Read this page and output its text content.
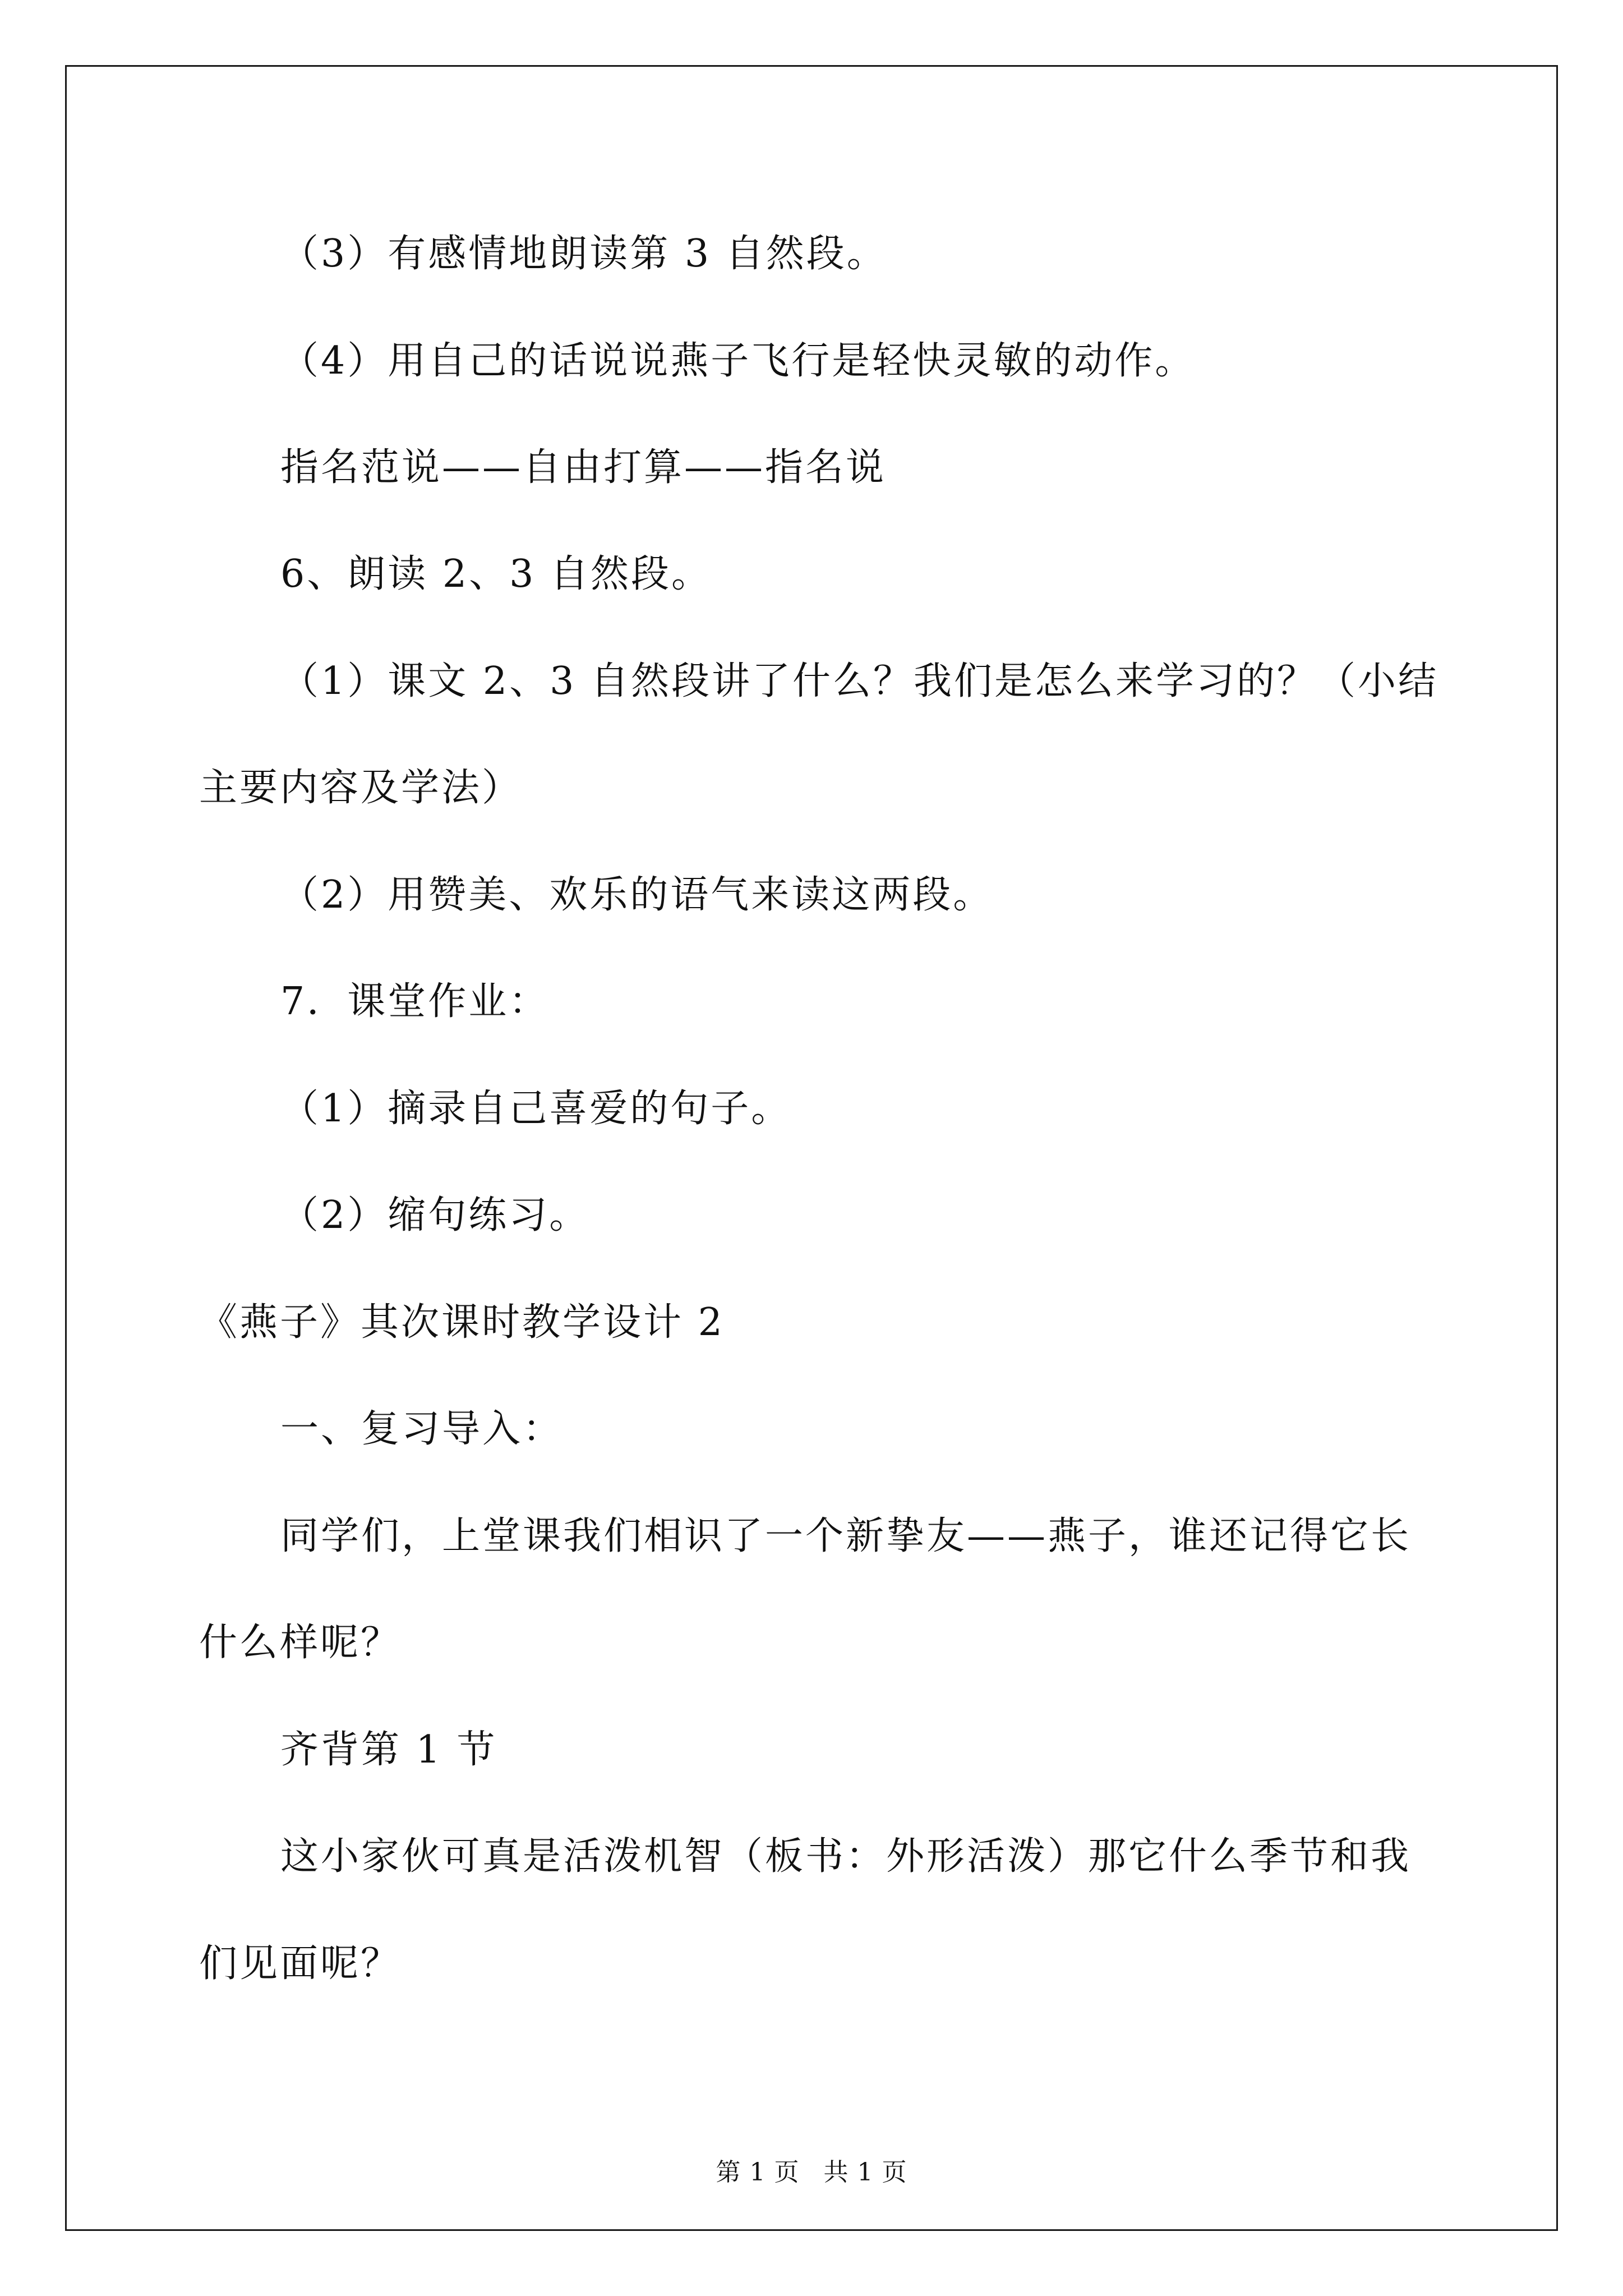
（3）有感情地朗读第 3 自然段。
（4）用自己的话说说燕子飞行是轻快灵敏的动作。
指名范说——自由打算——指名说
6、朗读 2、3 自然段。
（1）课文 2、3 自然段讲了什么？我们是怎么来学习的？（小结
主要内容及学法）
（2）用赞美、欢乐的语气来读这两段。
7．课堂作业：
（1）摘录自己喜爱的句子。
（2）缩句练习。
《燕子》其次课时教学设计 2
一、复习导入：
同学们，上堂课我们相识了一个新挚友——燕子，谁还记得它长
什么样呢？
齐背第 1 节
这小家伙可真是活泼机智（板书：外形活泼）那它什么季节和我
们见面呢？
第 1 页 共 1 页
